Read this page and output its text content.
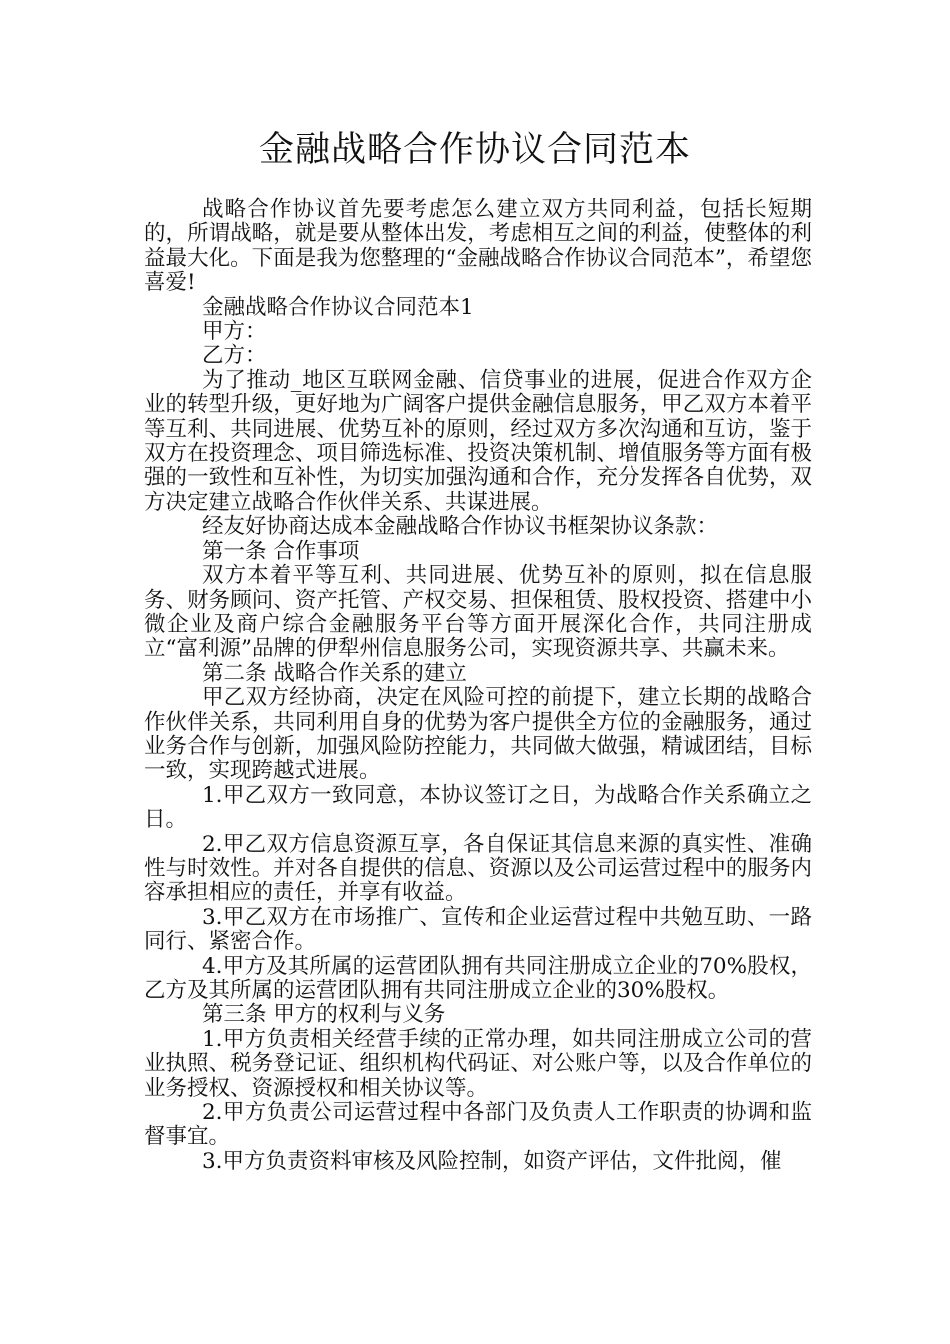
金融战略合作协议合同范本

战略合作协议首先要考虑怎么建立双方共同利益，包括长短期的，所谓战略，就是要从整体出发，考虑相互之间的利益，使整体的利益最大化。下面是我为您整理的“金融战略合作协议合同范本”，希望您喜爱!

金融战略合作协议合同范本1

甲方：

乙方：

为了推动_地区互联网金融、信贷事业的进展，促进合作双方企业的转型升级，更好地为广阔客户提供金融信息服务，甲乙双方本着平等互利、共同进展、优势互补的原则，经过双方多次沟通和互访，鉴于双方在投资理念、项目筛选标准、投资决策机制、增值服务等方面有极强的一致性和互补性，为切实加强沟通和合作，充分发挥各自优势，双方决定建立战略合作伙伴关系、共谋进展。

经友好协商达成本金融战略合作协议书框架协议条款：

第一条 合作事项

双方本着平等互利、共同进展、优势互补的原则，拟在信息服务、财务顾问、资产托管、产权交易、担保租赁、股权投资、搭建中小微企业及商户综合金融服务平台等方面开展深化合作，共同注册成立“富利源”品牌的伊犁州信息服务公司，实现资源共享、共赢未来。

第二条 战略合作关系的建立

甲乙双方经协商，决定在风险可控的前提下，建立长期的战略合作伙伴关系，共同利用自身的优势为客户提供全方位的金融服务，通过业务合作与创新，加强风险防控能力，共同做大做强，精诚团结，目标一致，实现跨越式进展。

1.甲乙双方一致同意，本协议签订之日，为战略合作关系确立之日。

2.甲乙双方信息资源互享，各自保证其信息来源的真实性、准确性与时效性。并对各自提供的信息、资源以及公司运营过程中的服务内容承担相应的责任，并享有收益。

3.甲乙双方在市场推广、宣传和企业运营过程中共勉互助、一路同行、紧密合作。

4.甲方及其所属的运营团队拥有共同注册成立企业的70%股权，乙方及其所属的运营团队拥有共同注册成立企业的30%股权。

第三条 甲方的权利与义务

1.甲方负责相关经营手续的正常办理，如共同注册成立公司的营业执照、税务登记证、组织机构代码证、对公账户等，以及合作单位的业务授权、资源授权和相关协议等。

2.甲方负责公司运营过程中各部门及负责人工作职责的协调和监督事宜。

3.甲方负责资料审核及风险控制，如资产评估，文件批阅，催
